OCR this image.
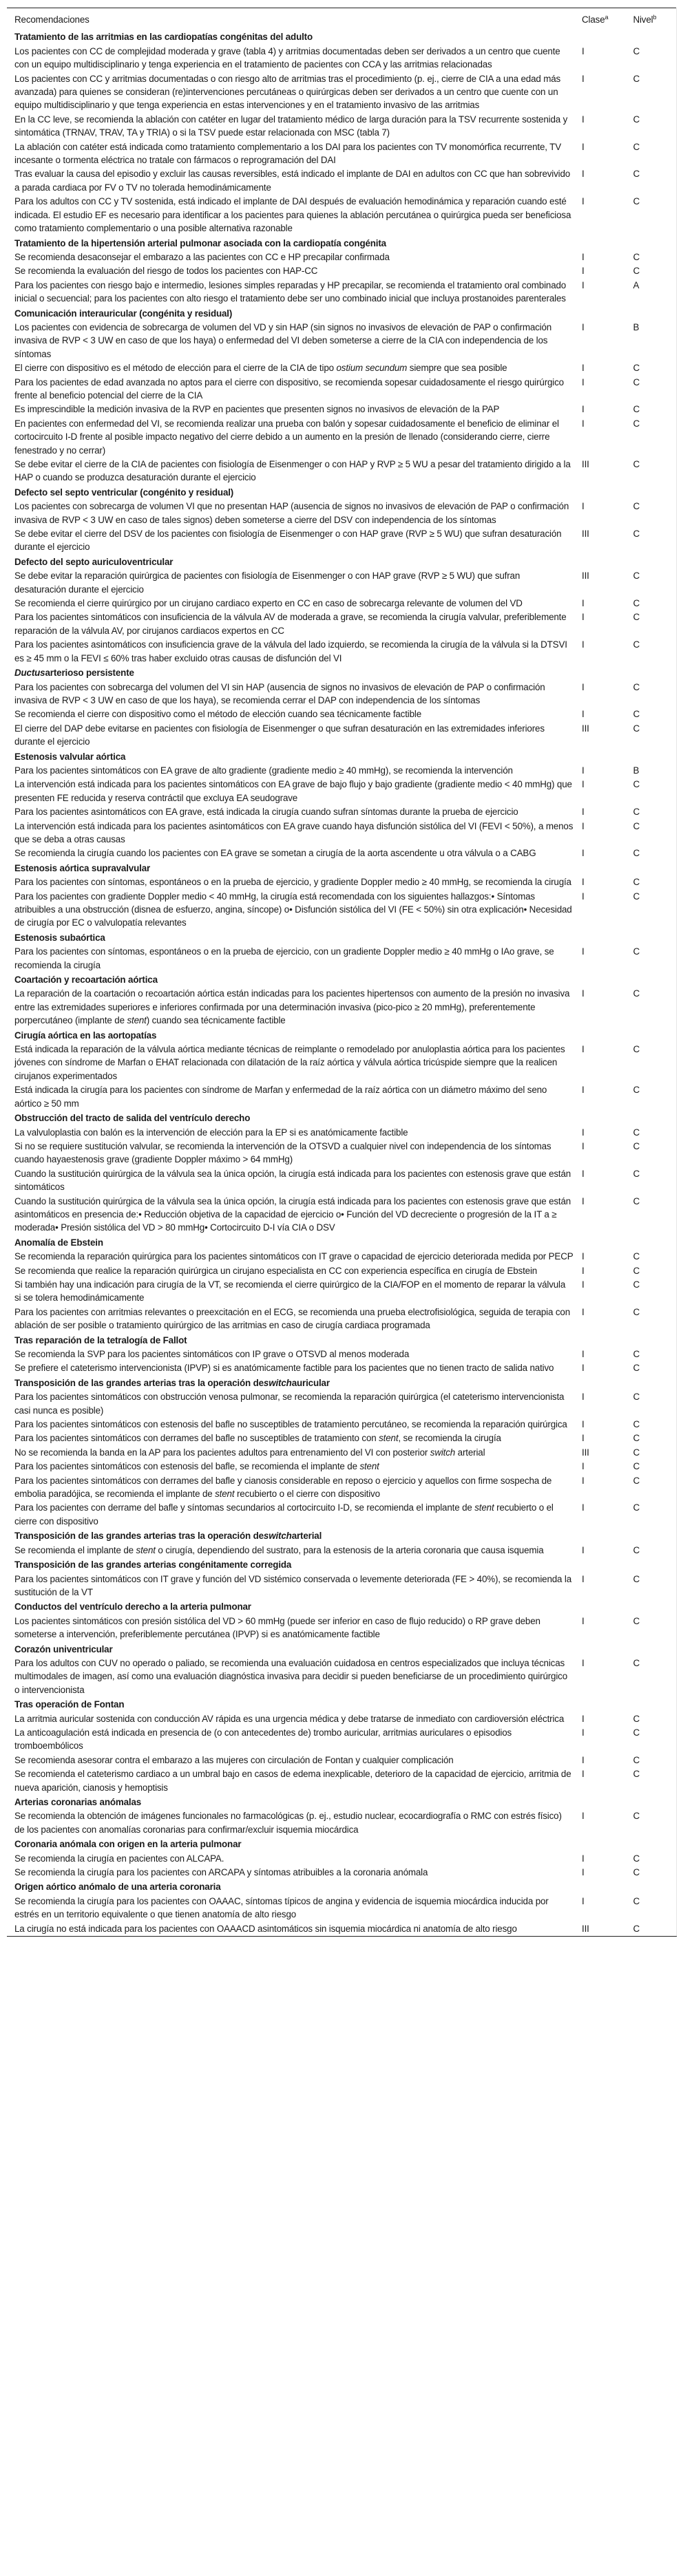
Recomendaciones	Clase$^a$	Nivel$^b$
Tratamiento de las arritmias en las cardiopatías congénitas del adulto		
Los pacientes con CC de complejidad moderada y grave (tabla 4) y arritmias documentadas deben ser derivados a un centro que cuente con un equipo multidisciplinario y tenga experiencia en el tratamiento de pacientes con CCA y las arritmias relacionadas	I	C
Los pacientes con CC y arritmias documentadas o con riesgo alto de arritmias tras el procedimiento (p. ej., cierre de CIA a una edad más avanzada) para quienes se consideran (re)intervenciones percutáneas o quirúrgicas deben ser derivados a un centro que cuente con un equipo multidisciplinario y que tenga experiencia en estas intervenciones y en el tratamiento invasivo de las arritmias	I	C
En la CC leve, se recomienda la ablación con catéter en lugar del tratamiento médico de larga duración para la TSV recurrente sostenida y sintomática (TRNAV, TRAV, TA y TRIA) o si la TSV puede estar relacionada con MSC (tabla 7)	I	C
La ablación con catéter está indicada como tratamiento complementario a los DAI para los pacientes con TV monomórfica recurrente, TV incesante o tormenta eléctrica no tratale con fármacos o reprogramación del DAI	I	C
Tras evaluar la causa del episodio y excluir las causas reversibles, está indicado el implante de DAI en adultos con CC que han sobrevivido a parada cardiaca por FV o TV no tolerada hemodinámicamente	I	C
Para los adultos con CC y TV sostenida, está indicado el implante de DAI después de evaluación hemodinámica y reparación cuando esté indicada. El estudio EF es necesario para identificar a los pacientes para quienes la ablación percutánea o quirúrgica pueda ser beneficiosa como tratamiento complementario o una posible alternativa razonable	I	C
Tratamiento de la hipertensión arterial pulmonar asociada con la cardiopatía congénita		
Se recomienda desaconsejar el embarazo a las pacientes con CC e HP precapilar confirmada	I	C
Se recomienda la evaluación del riesgo de todos los pacientes con HAP-CC	I	C
Para los pacientes con riesgo bajo e intermedio, lesiones simples reparadas y HP precapilar, se recomienda el tratamiento oral combinado inicial o secuencial; para los pacientes con alto riesgo el tratamiento debe ser uno combinado inicial que incluya prostanoides parenterales	I	A
Comunicación interauricular (congénita y residual)		
Los pacientes con evidencia de sobrecarga de volumen del VD y sin HAP (sin signos no invasivos de elevación de PAP o confirmación invasiva de RVP < 3 UW en caso de que los haya) o enfermedad del VI deben someterse a cierre de la CIA con independencia de los síntomas	I	B
El cierre con dispositivo es el método de elección para el cierre de la CIA de tipo ostium secundum siempre que sea posible	I	C
Para los pacientes de edad avanzada no aptos para el cierre con dispositivo, se recomienda sopesar cuidadosamente el riesgo quirúrgico frente al beneficio potencial del cierre de la CIA	I	C
Es imprescindible la medición invasiva de la RVP en pacientes que presenten signos no invasivos de elevación de la PAP	I	C
En pacientes con enfermedad del VI, se recomienda realizar una prueba con balón y sopesar cuidadosamente el beneficio de eliminar el cortocircuito I-D frente al posible impacto negativo del cierre debido a un aumento en la presión de llenado (considerando cierre, cierre fenestrado y no cerrar)	I	C
Se debe evitar el cierre de la CIA de pacientes con fisiología de Eisenmenger o con HAP y RVP ≥ 5 WU a pesar del tratamiento dirigido a la HAP o cuando se produzca desaturación durante el ejercicio	III	C
Defecto sel septo ventricular (congénito y residual)		
Los pacientes con sobrecarga de volumen VI que no presentan HAP (ausencia de signos no invasivos de elevación de PAP o confirmación invasiva de RVP < 3 UW en caso de tales signos) deben someterse a cierre del DSV con independencia de los síntomas	I	C
Se debe evitar el cierre del DSV de los pacientes con fisiología de Eisenmenger o con HAP grave (RVP ≥ 5 WU) que sufran desaturación durante el ejercicio	III	C
Defecto del septo auriculoventricular		
Se debe evitar la reparación quirúrgica de pacientes con fisiología de Eisenmenger o con HAP grave (RVP ≥ 5 WU) que sufran desaturación durante el ejercicio	III	C
Se recomienda el cierre quirúrgico por un cirujano cardiaco experto en CC en caso de sobrecarga relevante de volumen del VD	I	C
Para los pacientes sintomáticos con insuficiencia de la válvula AV de moderada a grave, se recomienda la cirugía valvular, preferiblemente reparación de la válvula AV, por cirujanos cardiacos expertos en CC	I	C
Para los pacientes asintomáticos con insuficiencia grave de la válvula del lado izquierdo, se recomienda la cirugía de la válvula si la DTSVI es ≥ 45 mm o la FEVI ≤ 60% tras haber excluido otras causas de disfunción del VI	I	C
Ductusarterioso persistente		
Para los pacientes con sobrecarga del volumen del VI sin HAP (ausencia de signos no invasivos de elevación de PAP o confirmación invasiva de RVP < 3 UW en caso de que los haya), se recomienda cerrar el DAP con independencia de los síntomas	I	C
Se recomienda el cierre con dispositivo como el método de elección cuando sea técnicamente factible	I	C
El cierre del DAP debe evitarse en pacientes con fisiología de Eisenmenger o que sufran desaturación en las extremidades inferiores durante el ejercicio	III	C
Estenosis valvular aórtica		
Para los pacientes sintomáticos con EA grave de alto gradiente (gradiente medio ≥ 40 mmHg), se recomienda la intervención	I	B
La intervención está indicada para los pacientes sintomáticos con EA grave de bajo flujo y bajo gradiente (gradiente medio < 40 mmHg) que presenten FE reducida y reserva contráctil que excluya EA seudograve	I	C
Para los pacientes asintomáticos con EA grave, está indicada la cirugía cuando sufran síntomas durante la prueba de ejercicio	I	C
La intervención está indicada para los pacientes asintomáticos con EA grave cuando haya disfunción sistólica del VI (FEVI < 50%), a menos que se deba a otras causas	I	C
Se recomienda la cirugía cuando los pacientes con EA grave se sometan a cirugía de la aorta ascendente u otra válvula o a CABG	I	C
Estenosis aórtica supravalvular		
Para los pacientes con síntomas, espontáneos o en la prueba de ejercicio, y gradiente Doppler medio ≥ 40 mmHg, se recomienda la cirugía	I	C
Para los pacientes con gradiente Doppler medio < 40 mmHg, la cirugía está recomendada con los siguientes hallazgos:• Síntomas atribuibles a una obstrucción (disnea de esfuerzo, angina, síncope) o• Disfunción sistólica del VI (FE < 50%) sin otra explicación• Necesidad de cirugía por EC o valvulopatía relevantes	I	C
Estenosis subaórtica		
Para los pacientes con síntomas, espontáneos o en la prueba de ejercicio, con un gradiente Doppler medio ≥ 40 mmHg o IAo grave, se recomienda la cirugía	I	C
Coartación y recoartación aórtica		
La reparación de la coartación o recoartación aórtica están indicadas para los pacientes hipertensos con aumento de la presión no invasiva entre las extremidades superiores e inferiores confirmada por una determinación invasiva (pico-pico ≥ 20 mmHg), preferentemente porpercutáneo (implante de stent) cuando sea técnicamente factible	I	C
Cirugía aórtica en las aortopatías		
Está indicada la reparación de la válvula aórtica mediante técnicas de reimplante o remodelado por anuloplastia aórtica para los pacientes jóvenes con síndrome de Marfan o EHAT relacionada con dilatación de la raíz aórtica y válvula aórtica tricúspide siempre que la realicen cirujanos experimentados	I	C
Está indicada la cirugía para los pacientes con síndrome de Marfan y enfermedad de la raíz aórtica con un diámetro máximo del seno aórtico ≥ 50 mm	I	C
Obstrucción del tracto de salida del ventrículo derecho		
La valvuloplastia con balón es la intervención de elección para la EP si es anatómicamente factible	I	C
Si no se requiere sustitución valvular, se recomienda la intervención de la OTSVD a cualquier nivel con independencia de los síntomas cuando hayaestenosis grave (gradiente Doppler máximo > 64 mmHg)	I	C
Cuando la sustitución quirúrgica de la válvula sea la única opción, la cirugía está indicada para los pacientes con estenosis grave que están sintomáticos	I	C
Cuando la sustitución quirúrgica de la válvula sea la única opción, la cirugía está indicada para los pacientes con estenosis grave que están asintomáticos en presencia de:• Reducción objetiva de la capacidad de ejercicio o• Función del VD decreciente o progresión de la IT a ≥ moderada• Presión sistólica del VD > 80 mmHg• Cortocircuito D-I vía CIA o DSV	I	C
Anomalía de Ebstein		
Se recomienda la reparación quirúrgica para los pacientes sintomáticos con IT grave o capacidad de ejercicio deteriorada medida por PECP	I	C
Se recomienda que realice la reparación quirúrgica un cirujano especialista en CC con experiencia específica en cirugía de Ebstein	I	C
Si también hay una indicación para cirugía de la VT, se recomienda el cierre quirúrgico de la CIA/FOP en el momento de reparar la válvula si se tolera hemodinámicamente	I	C
Para los pacientes con arritmias relevantes o preexcitación en el ECG, se recomienda una prueba electrofisiológica, seguida de terapia con ablación de ser posible o tratamiento quirúrgico de las arritmias en caso de cirugía cardiaca programada	I	C
Tras reparación de la tetralogía de Fallot		
Se recomienda la SVP para los pacientes sintomáticos con IP grave o OTSVD al menos moderada	I	C
Se prefiere el cateterismo intervencionista (IPVP) si es anatómicamente factible para los pacientes que no tienen tracto de salida nativo	I	C
Transposición de las grandes arterias tras la operación deswitchauricular		
Para los pacientes sintomáticos con obstrucción venosa pulmonar, se recomienda la reparación quirúrgica (el cateterismo intervencionista casi nunca es posible)	I	C
Para los pacientes sintomáticos con estenosis del bafle no susceptibles de tratamiento percutáneo, se recomienda la reparación quirúrgica	I	C
Para los pacientes sintomáticos con derrames del bafle no susceptibles de tratamiento con stent, se recomienda la cirugía	I	C
No se recomienda la banda en la AP para los pacientes adultos para entrenamiento del VI con posterior switch arterial	III	C
Para los pacientes sintomáticos con estenosis del bafle, se recomienda el implante de stent	I	C
Para los pacientes sintomáticos con derrames del bafle y cianosis considerable en reposo o ejercicio y aquellos con firme sospecha de embolia paradójica, se recomienda el implante de stent recubierto o el cierre con dispositivo	I	C
Para los pacientes con derrame del bafle y síntomas secundarios al cortocircuito I-D, se recomienda el implante de stent recubierto o el cierre con dispositivo	I	C
Transposición de las grandes arterias tras la operación deswitcharterial		
Se recomienda el implante de stent o cirugía, dependiendo del sustrato, para la estenosis de la arteria coronaria que causa isquemia	I	C
Transposición de las grandes arterias congénitamente corregida		
Para los pacientes sintomáticos con IT grave y función del VD sistémico conservada o levemente deteriorada (FE > 40%), se recomienda la sustitución de la VT	I	C
Conductos del ventrículo derecho a la arteria pulmonar		
Los pacientes sintomáticos con presión sistólica del VD > 60 mmHg (puede ser inferior en caso de flujo reducido) o RP grave deben someterse a intervención, preferiblemente percutánea (IPVP) si es anatómicamente factible	I	C
Corazón univentricular		
Para los adultos con CUV no operado o paliado, se recomienda una evaluación cuidadosa en centros especializados que incluya técnicas multimodales de imagen, así como una evaluación diagnóstica invasiva para decidir si pueden beneficiarse de un procedimiento quirúrgico o intervencionista	I	C
Tras operación de Fontan		
La arritmia auricular sostenida con conducción AV rápida es una urgencia médica y debe tratarse de inmediato con cardioversión eléctrica	I	C
La anticoagulación está indicada en presencia de (o con antecedentes de) trombo auricular, arritmias auriculares o episodios tromboembólicos	I	C
Se recomienda asesorar contra el embarazo a las mujeres con circulación de Fontan y cualquier complicación	I	C
Se recomienda el cateterismo cardiaco a un umbral bajo en casos de edema inexplicable, deterioro de la capacidad de ejercicio, arritmia de nueva aparición, cianosis y hemoptisis	I	C
Arterias coronarias anómalas		
Se recomienda la obtención de imágenes funcionales no farmacológicas (p. ej., estudio nuclear, ecocardiografía o RMC con estrés físico) de los pacientes con anomalías coronarias para confirmar/excluir isquemia miocárdica	I	C
Coronaria anómala con origen en la arteria pulmonar		
Se recomienda la cirugía en pacientes con ALCAPA.	I	C
Se recomienda la cirugía para los pacientes con ARCAPA y síntomas atribuibles a la coronaria anómala	I	C
Origen aórtico anómalo de una arteria coronaria		
Se recomienda la cirugía para los pacientes con OAAAC, síntomas típicos de angina y evidencia de isquemia miocárdica inducida por estrés en un territorio equivalente o que tienen anatomía de alto riesgo	I	C
La cirugía no está indicada para los pacientes con OAAACD asintomáticos sin isquemia miocárdica ni anatomía de alto riesgo	III	C
